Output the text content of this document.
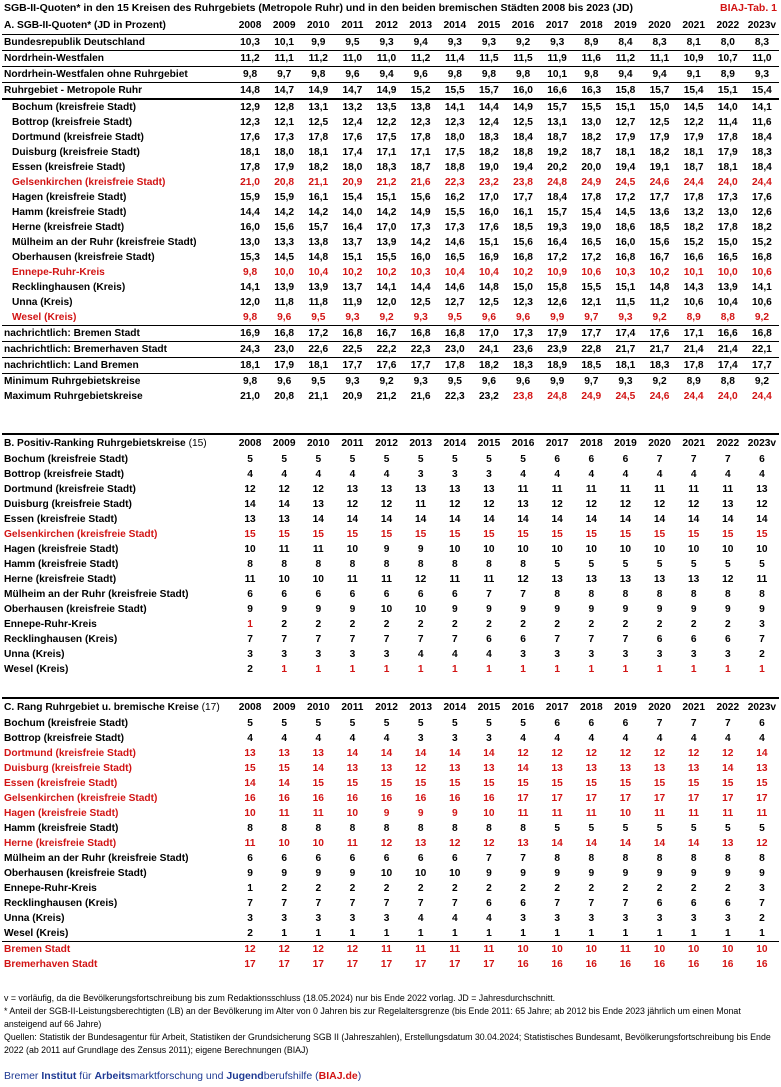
SGB-II-Quoten* in den 15 Kreisen des Ruhrgebiets (Metropole Ruhr) und in den beiden bremischen Städten 2008 bis 2023 (JD)	BIAJ-Tab. 1
A. SGB-II-Quoten* (JD in Prozent)	2008	2009	2010	2011	2012	2013	2014	2015	2016	2017	2018	2019	2020	2021	2022	2023v
Bundesrepublik Deutschland	10,3	10,1	9,9	9,5	9,3	9,4	9,3	9,3	9,2	9,3	8,9	8,4	8,3	8,1	8,0	8,3
Nordrhein-Westfalen	11,2	11,1	11,2	11,0	11,0	11,2	11,4	11,5	11,5	11,9	11,6	11,2	11,1	10,9	10,7	11,0
Nordrhein-Westfalen ohne Ruhrgebiet	9,8	9,7	9,8	9,6	9,4	9,6	9,8	9,8	9,8	10,1	9,8	9,4	9,4	9,1	8,9	9,3
Ruhrgebiet - Metropole Ruhr	14,8	14,7	14,9	14,7	14,9	15,2	15,5	15,7	16,0	16,6	16,3	15,8	15,7	15,4	15,1	15,4
Bochum (kreisfreie Stadt)	12,9	12,8	13,1	13,2	13,5	13,8	14,1	14,4	14,9	15,7	15,5	15,1	15,0	14,5	14,0	14,1
Bottrop (kreisfreie Stadt)	12,3	12,1	12,5	12,4	12,2	12,3	12,3	12,4	12,5	13,1	13,0	12,7	12,5	12,2	11,4	11,6
Dortmund (kreisfreie Stadt)	17,6	17,3	17,8	17,6	17,5	17,8	18,0	18,3	18,4	18,7	18,2	17,9	17,9	17,9	17,8	18,4
Duisburg (kreisfreie Stadt)	18,1	18,0	18,1	17,4	17,1	17,1	17,5	18,2	18,8	19,2	18,7	18,1	18,2	18,1	17,9	18,3
Essen (kreisfreie Stadt)	17,8	17,9	18,2	18,0	18,3	18,7	18,8	19,0	19,4	20,2	20,0	19,4	19,1	18,7	18,1	18,4
Gelsenkirchen (kreisfreie Stadt)	21,0	20,8	21,1	20,9	21,2	21,6	22,3	23,2	23,8	24,8	24,9	24,5	24,6	24,4	24,0	24,4
Hagen (kreisfreie Stadt)	15,9	15,9	16,1	15,4	15,1	15,6	16,2	17,0	17,7	18,4	17,8	17,2	17,7	17,8	17,3	17,6
Hamm (kreisfreie Stadt)	14,4	14,2	14,2	14,0	14,2	14,9	15,5	16,0	16,1	15,7	15,4	14,5	13,6	13,2	13,0	12,6
Herne (kreisfreie Stadt)	16,0	15,6	15,7	16,4	17,0	17,3	17,3	17,6	18,5	19,3	19,0	18,6	18,5	18,2	17,8	18,2
Mülheim an der Ruhr (kreisfreie Stadt)	13,0	13,3	13,8	13,7	13,9	14,2	14,6	15,1	15,6	16,4	16,5	16,0	15,6	15,2	15,0	15,2
Oberhausen (kreisfreie Stadt)	15,3	14,5	14,8	15,1	15,5	16,0	16,5	16,9	16,8	17,2	17,2	16,8	16,7	16,6	16,5	16,8
Ennepe-Ruhr-Kreis	9,8	10,0	10,4	10,2	10,2	10,3	10,4	10,4	10,2	10,9	10,6	10,3	10,2	10,1	10,0	10,6
Recklinghausen (Kreis)	14,1	13,9	13,9	13,7	14,1	14,4	14,6	14,8	15,0	15,8	15,5	15,1	14,8	14,3	13,9	14,1
Unna (Kreis)	12,0	11,8	11,8	11,9	12,0	12,5	12,7	12,5	12,3	12,6	12,1	11,5	11,2	10,6	10,4	10,6
Wesel (Kreis)	9,8	9,6	9,5	9,3	9,2	9,3	9,5	9,6	9,6	9,9	9,7	9,3	9,2	8,9	8,8	9,2
nachrichtlich: Bremen Stadt	16,9	16,8	17,2	16,8	16,7	16,8	16,8	17,0	17,3	17,9	17,7	17,4	17,6	17,1	16,6	16,8
nachrichtlich: Bremerhaven Stadt	24,3	23,0	22,6	22,5	22,2	22,3	23,0	24,1	23,6	23,9	22,8	21,7	21,7	21,4	21,4	22,1
nachrichtlich: Land Bremen	18,1	17,9	18,1	17,7	17,6	17,7	17,8	18,2	18,3	18,9	18,5	18,1	18,3	17,8	17,4	17,7
Minimum Ruhrgebietskreise	9,8	9,6	9,5	9,3	9,2	9,3	9,5	9,6	9,6	9,9	9,7	9,3	9,2	8,9	8,8	9,2
Maximum Ruhrgebietskreise	21,0	20,8	21,1	20,9	21,2	21,6	22,3	23,2	23,8	24,8	24,9	24,5	24,6	24,4	24,0	24,4
B. Positiv-Ranking Ruhrgebietskreise (15)	2008	2009	2010	2011	2012	2013	2014	2015	2016	2017	2018	2019	2020	2021	2022	2023v
Bochum (kreisfreie Stadt)	5	5	5	5	5	5	5	5	5	6	6	6	7	7	7	6
Bottrop (kreisfreie Stadt)	4	4	4	4	4	3	3	3	4	4	4	4	4	4	4	4
Dortmund (kreisfreie Stadt)	12	12	12	13	13	13	13	13	11	11	11	11	11	11	11	13
Duisburg (kreisfreie Stadt)	14	14	13	12	12	11	12	12	13	12	12	12	12	12	13	12
Essen (kreisfreie Stadt)	13	13	14	14	14	14	14	14	14	14	14	14	14	14	14	14
Gelsenkirchen (kreisfreie Stadt)	15	15	15	15	15	15	15	15	15	15	15	15	15	15	15	15
Hagen (kreisfreie Stadt)	10	11	11	10	9	9	10	10	10	10	10	10	10	10	10	10
Hamm (kreisfreie Stadt)	8	8	8	8	8	8	8	8	8	5	5	5	5	5	5	5
Herne (kreisfreie Stadt)	11	10	10	11	11	12	11	11	12	13	13	13	13	13	12	11
Mülheim an der Ruhr (kreisfreie Stadt)	6	6	6	6	6	6	6	7	7	8	8	8	8	8	8	8
Oberhausen (kreisfreie Stadt)	9	9	9	9	10	10	9	9	9	9	9	9	9	9	9	9
Ennepe-Ruhr-Kreis	1	2	2	2	2	2	2	2	2	2	2	2	2	2	2	3
Recklinghausen (Kreis)	7	7	7	7	7	7	7	6	6	7	7	7	6	6	6	7
Unna (Kreis)	3	3	3	3	3	4	4	4	3	3	3	3	3	3	3	2
Wesel (Kreis)	2	1	1	1	1	1	1	1	1	1	1	1	1	1	1	1
C. Rang Ruhrgebiet u. bremische Kreise (17)	2008	2009	2010	2011	2012	2013	2014	2015	2016	2017	2018	2019	2020	2021	2022	2023v
Bochum (kreisfreie Stadt)	5	5	5	5	5	5	5	5	5	6	6	6	7	7	7	6
Bottrop (kreisfreie Stadt)	4	4	4	4	4	3	3	3	4	4	4	4	4	4	4	4
Dortmund (kreisfreie Stadt)	13	13	13	14	14	14	14	14	12	12	12	12	12	12	12	14
Duisburg (kreisfreie Stadt)	15	15	14	13	13	12	13	13	14	13	13	13	13	13	14	13
Essen (kreisfreie Stadt)	14	14	15	15	15	15	15	15	15	15	15	15	15	15	15	15
Gelsenkirchen (kreisfreie Stadt)	16	16	16	16	16	16	16	16	17	17	17	17	17	17	17	17
Hagen (kreisfreie Stadt)	10	11	11	10	9	9	9	10	11	11	11	10	11	11	11	11
Hamm (kreisfreie Stadt)	8	8	8	8	8	8	8	8	8	5	5	5	5	5	5	5
Herne (kreisfreie Stadt)	11	10	10	11	12	13	12	12	13	14	14	14	14	14	13	12
Mülheim an der Ruhr (kreisfreie Stadt)	6	6	6	6	6	6	6	7	7	8	8	8	8	8	8	8
Oberhausen (kreisfreie Stadt)	9	9	9	9	10	10	10	9	9	9	9	9	9	9	9	9
Ennepe-Ruhr-Kreis	1	2	2	2	2	2	2	2	2	2	2	2	2	2	2	3
Recklinghausen (Kreis)	7	7	7	7	7	7	7	6	6	7	7	7	6	6	6	7
Unna (Kreis)	3	3	3	3	3	4	4	4	3	3	3	3	3	3	3	2
Wesel (Kreis)	2	1	1	1	1	1	1	1	1	1	1	1	1	1	1	1
Bremen Stadt	12	12	12	12	11	11	11	11	10	10	10	11	10	10	10	10
Bremerhaven Stadt	17	17	17	17	17	17	17	17	16	16	16	16	16	16	16	16
v = vorläufig, da die Bevölkerungsfortschreibung bis zum Redaktionsschluss (18.05.2024) nur bis Ende 2022 vorlag. JD = Jahresdurchschnitt.
* Anteil der SGB-II-Leistungsberechtigten (LB) an der Bevölkerung im Alter von 0 Jahren bis zur Regelaltersgrenze (bis Ende 2011: 65 Jahre; ab 2012 bis Ende 2023 jährlich um einen Monat ansteigend auf 66 Jahre)
Quellen: Statistik der Bundesagentur für Arbeit, Statistiken der Grundsicherung SGB II (Jahreszahlen), Erstellungsdatum 30.04.2024; Statistisches Bundesamt, Bevölkerungsfortschreibung bis Ende 2022 (ab 2011 auf Grundlage des Zensus 2011); eigene Berechnungen (BIAJ)
Bremer Institut für Arbeitsmarktforschung und Jugendberufshilfe (BIAJ.de)
